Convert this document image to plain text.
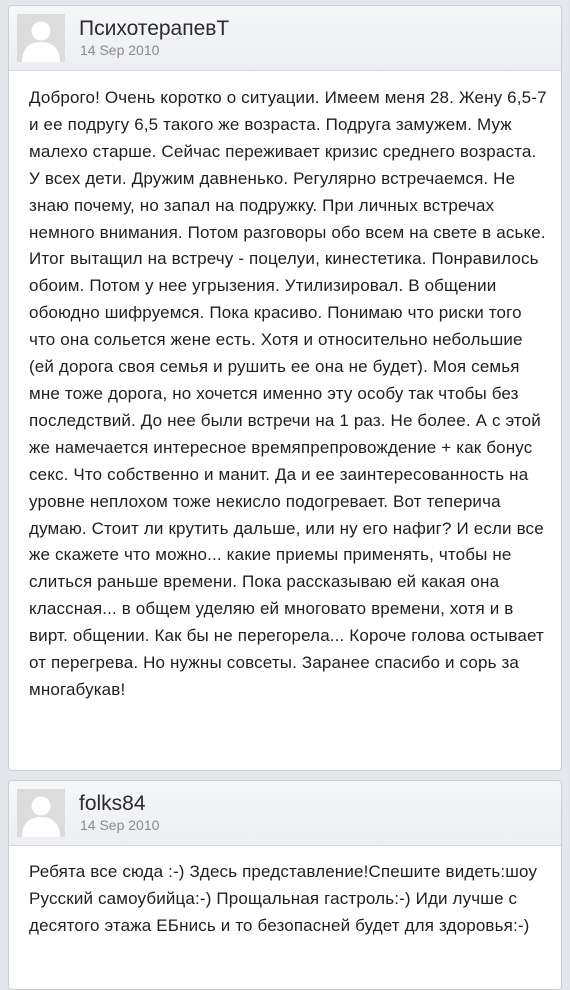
ПсихотерапевТ
14 Sep 2010
Доброго! Очень коротко о ситуации. Имеем меня 28. Жену 6,5-7 и ее подругу 6,5 такого же возраста. Подруга замужем. Муж малехо старше. Сейчас переживает кризис среднего возраста. У всех дети. Дружим давненько. Регулярно встречаемся. Не знаю почему, но запал на подружку. При личных встречах немного внимания. Потом разговоры обо всем на свете в аське. Итог вытащил на встречу - поцелуи, кинестетика. Понравилось обоим. Потом у нее угрызения. Утилизировал. В общении обоюдно шифруемся. Пока красиво. Понимаю что риски того что она сольется жене есть. Хотя и относительно небольшие (ей дорога своя семья и рушить ее она не будет). Моя семья мне тоже дорога, но хочется именно эту особу так чтобы без последствий. До нее были встречи на 1 раз. Не более. А с этой же намечается интересное времяпрепровождение + как бонус секс. Что собственно и манит. Да и ее заинтересованность на уровне неплохом тоже некисло подогревает. Вот теперича думаю. Стоит ли крутить дальше, или ну его нафиг? И если все же скажете что можно... какие приемы применять, чтобы не слиться раньше времени. Пока рассказываю ей какая она классная... в общем уделяю ей многовато времени, хотя и в вирт. общении. Как бы не перегорела... Короче голова остывает от перегрева. Но нужны совсеты. Заранее спасибо и сорь за многабукав!
folks84
14 Sep 2010
Ребята все сюда :-) Здесь представление!Спешите видеть:шоу Русский самоубийца:-) Прощальная гастроль:-) Иди лучше с десятого этажа ЕБнись и то безопасней будет для здоровья:-)
